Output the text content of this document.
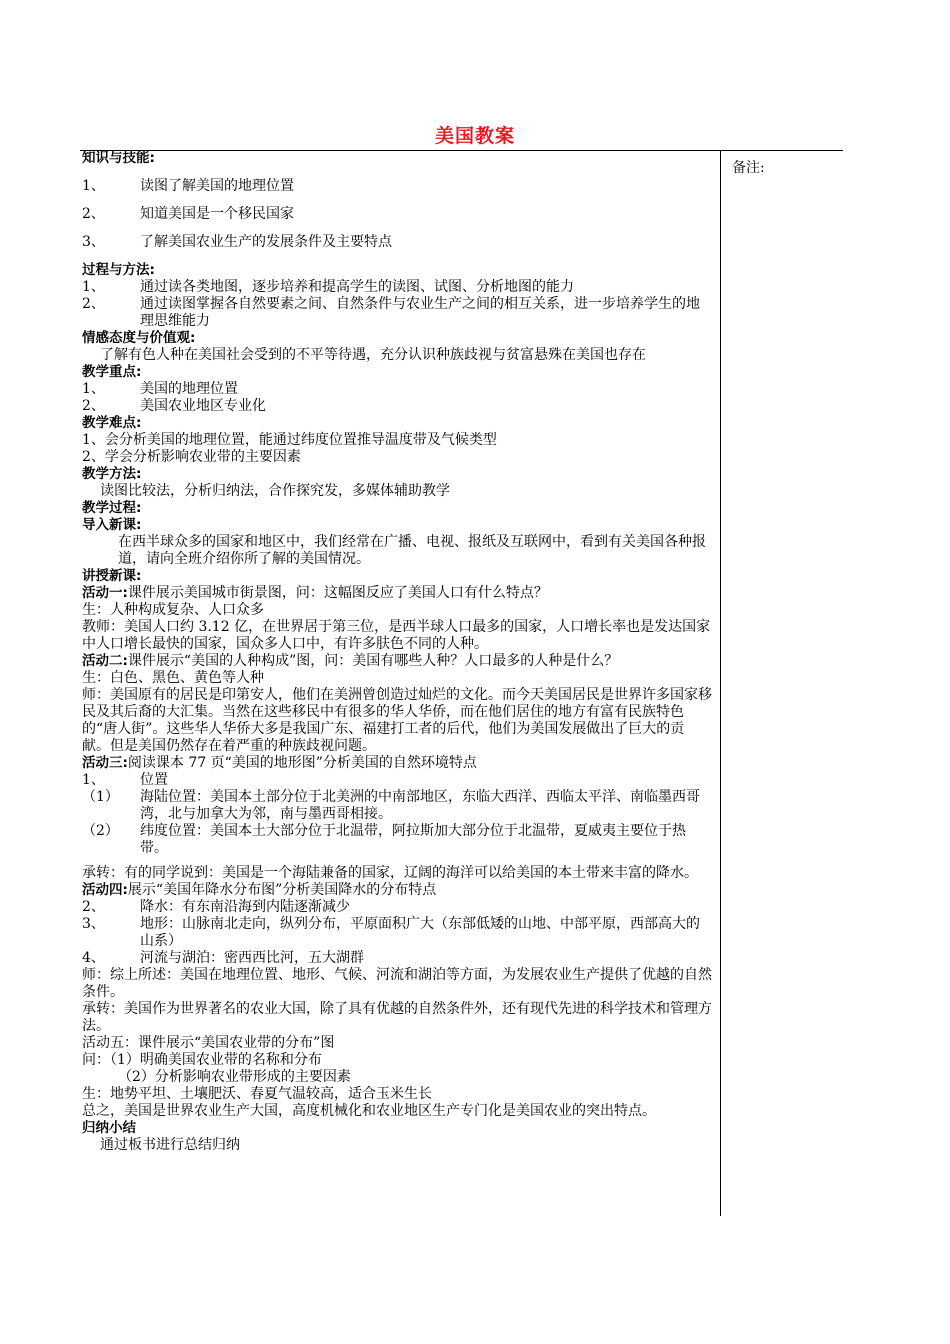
美国教案
备注:
知识与技能:
1、	读图了解美国的地理位置
2、	知道美国是一个移民国家
3、	了解美国农业生产的发展条件及主要特点
过程与方法:
1、	通过读各类地图，逐步培养和提高学生的读图、试图、分析地图的能力
2、	通过读图掌握各自然要素之间、自然条件与农业生产之间的相互关系，进一步培养学生的地理思维能力
情感态度与价值观:
了解有色人种在美国社会受到的不平等待遇，充分认识种族歧视与贫富悬殊在美国也存在
教学重点:
1、	美国的地理位置
2、	美国农业地区专业化
教学难点:
1、会分析美国的地理位置，能通过纬度位置推导温度带及气候类型
2、学会分析影响农业带的主要因素
教学方法:
读图比较法，分析归纳法，合作探究发，多媒体辅助教学
教学过程:
导入新课:
在西半球众多的国家和地区中，我们经常在广播、电视、报纸及互联网中，看到有关美国各种报道，请向全班介绍你所了解的美国情况。
讲授新课:
活动一:课件展示美国城市街景图，问：这幅图反应了美国人口有什么特点？
生：人种构成复杂、人口众多
教师：美国人口约 3.12 亿，在世界居于第三位，是西半球人口最多的国家，人口增长率也是发达国家中人口增长最快的国家，国众多人口中，有许多肤色不同的人种。
活动二:课件展示“美国的人种构成”图，问：美国有哪些人种？人口最多的人种是什么？
生：白色、黑色、黄色等人种
师：美国原有的居民是印第安人，他们在美洲曾创造过灿烂的文化。而今天美国居民是世界许多国家移民及其后裔的大汇集。当然在这些移民中有很多的华人华侨，而在他们居住的地方有富有民族特色的“唐人街”。这些华人华侨大多是我国广东、福建打工者的后代，他们为美国发展做出了巨大的贡献。但是美国仍然存在着严重的种族歧视问题。
活动三:阅读课本 77 页“美国的地形图”分析美国的自然环境特点
1、	位置
（1）	海陆位置：美国本土部分位于北美洲的中南部地区，东临大西洋、西临太平洋、南临墨西哥湾，北与加拿大为邻，南与墨西哥相接。
（2）	纬度位置：美国本土大部分位于北温带，阿拉斯加大部分位于北温带，夏威夷主要位于热带。
承转：有的同学说到：美国是一个海陆兼备的国家，辽阔的海洋可以给美国的本土带来丰富的降水。
活动四:展示“美国年降水分布图”分析美国降水的分布特点
2、	降水：有东南沿海到内陆逐渐减少
3、	地形：山脉南北走向，纵列分布，平原面积广大（东部低矮的山地、中部平原，西部高大的山系）
4、	河流与湖泊：密西西比河，五大湖群
师：综上所述：美国在地理位置、地形、气候、河流和湖泊等方面，为发展农业生产提供了优越的自然条件。
承转：美国作为世界著名的农业大国，除了具有优越的自然条件外，还有现代先进的科学技术和管理方法。
活动五：课件展示“美国农业带的分布”图
问：（1）明确美国农业带的名称和分布
（2）分析影响农业带形成的主要因素
生：地势平坦、土壤肥沃、春夏气温较高，适合玉米生长
总之，美国是世界农业生产大国，高度机械化和农业地区生产专门化是美国农业的突出特点。
归纳小结
通过板书进行总结归纳
